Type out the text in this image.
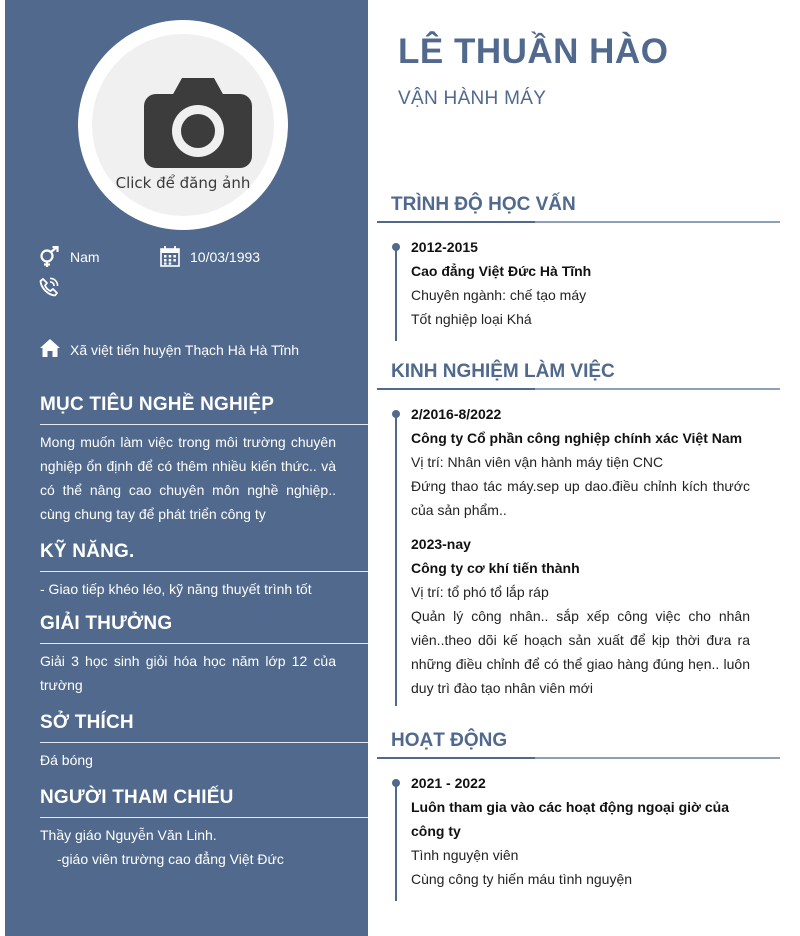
Click để đăng ảnh
Nam	10/03/1993
Xã việt tiến huyện Thạch Hà Hà Tĩnh
MỤC TIÊU NGHỀ NGHIỆP
Mong muốn làm việc trong môi trường chuyên nghiệp ổn định để có thêm nhiều kiến thức.. và có thể nâng cao chuyên môn nghề nghiệp.. cùng chung tay để phát triển công ty
KỸ NĂNG.
- Giao tiếp khéo léo, kỹ năng thuyết trình tốt
GIẢI THƯỞNG
Giải 3 học sinh giỏi hóa học năm lớp 12 của trường
SỞ THÍCH
Đá bóng
NGƯỜI THAM CHIẾU
Thầy giáo Nguyễn Văn Linh.
-giáo viên trường cao đẳng Việt Đức
LÊ THUẦN HÀO
VẬN HÀNH MÁY
TRÌNH ĐỘ HỌC VẤN
2012-2015
Cao đẳng Việt Đức Hà Tĩnh
Chuyên ngành: chế tạo máy
Tốt nghiệp loại Khá
KINH NGHIỆM LÀM VIỆC
2/2016-8/2022
Công ty Cổ phần công nghiệp chính xác Việt Nam
Vị trí: Nhân viên vận hành máy tiện CNC
Đứng thao tác máy.sep up dao.điều chỉnh kích thước của sản phẩm..
2023-nay
Công ty cơ khí tiến thành
Vị trí: tổ phó tổ lắp ráp
Quản lý công nhân.. sắp xếp công việc cho nhân viên..theo dõi kế hoạch sản xuất để kịp thời đưa ra những điều chỉnh để có thể giao hàng đúng hẹn.. luôn duy trì đào tạo nhân viên mới
HOẠT ĐỘNG
2021 - 2022
Luôn tham gia vào các hoạt động ngoại giờ của công ty
Tình nguyện viên
Cùng công ty hiến máu tình nguyện
